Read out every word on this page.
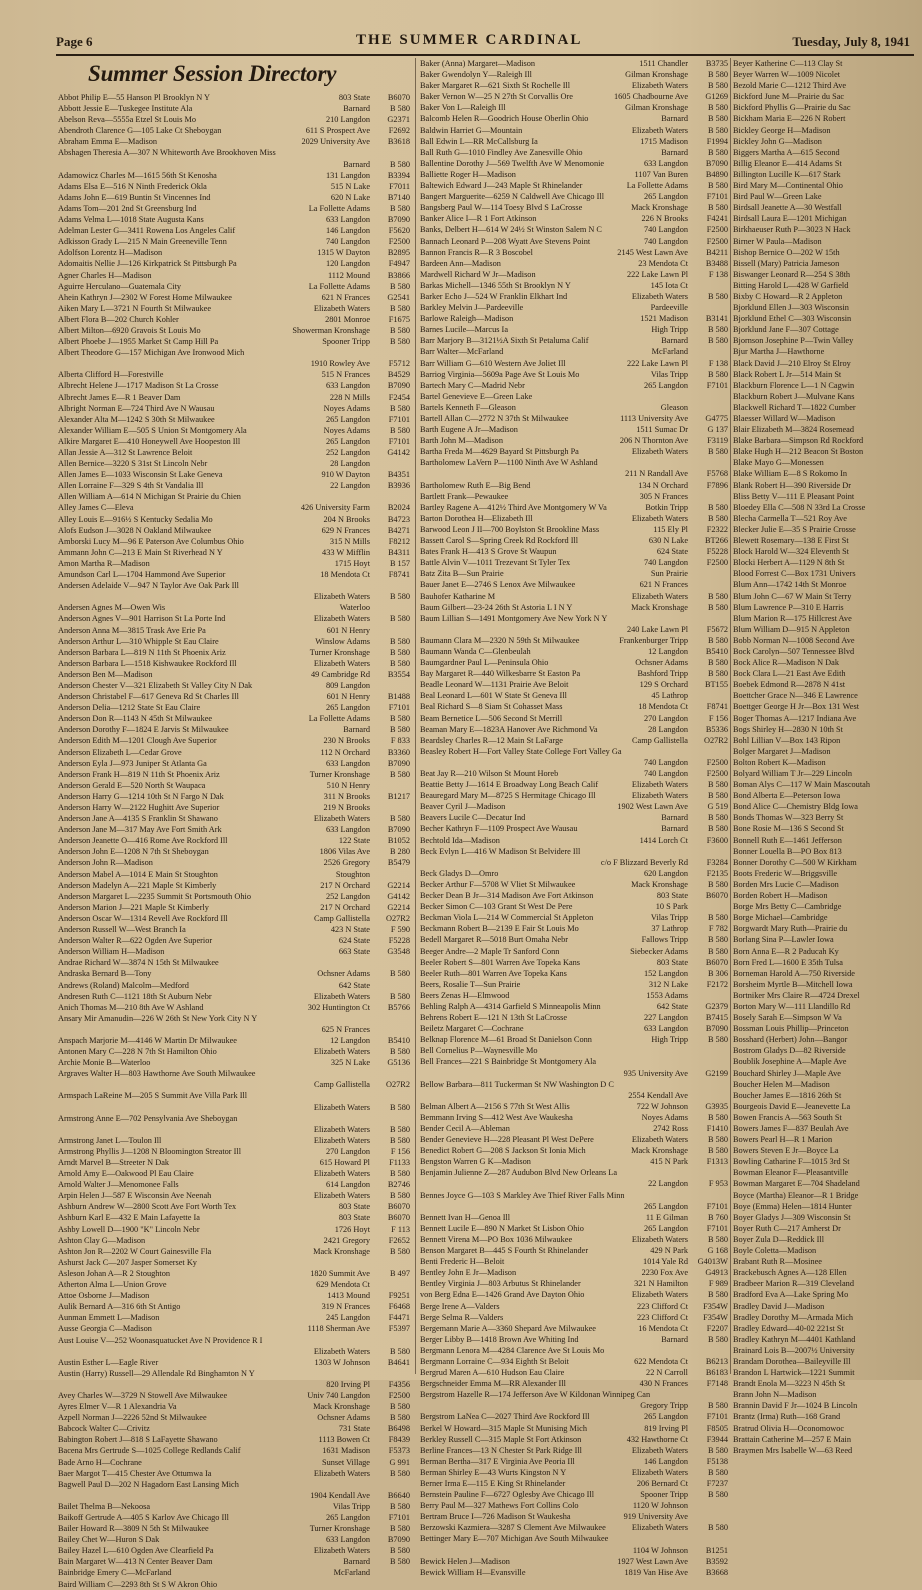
Page 6	THE SUMMER CARDINAL	Tuesday, July 8, 1941
Summer Session Directory
Abbot Philip E—55 Hanson Pl Brooklyn N Y	803 State	B6070
Abbott Jessie E—Tuskegee Institute Ala	Barnard	B 580
Abelson Reva—5555a Etzel St Louis Mo	210 Langdon	G2371
Abendroth Clarence G—105 Lake Ct Sheboygan	611 S Prospect Ave	F2692
Abraham Emma E—Madison	2029 University Ave	B3618
Abshagen Theresia A—307 N Whiteworth Ave Brookhoven Miss
Barnard	B 580
Adamowicz Charles M—1615 56th St Kenosha	131 Langdon	B3394
Adams Elsa E—516 N Ninth Frederick Okla	515 N Lake	F7011
Adams John E—619 Buntin St Vincennes Ind	620 N Lake	B7140
Adams Tom—201 2nd St Greensburg Ind	La Follette Adams	B 580
Adams Velma L—1018 State Augusta Kans	633 Langdon	B7090
Adelman Lester G—3411 Rowena Los Angeles Calif	146 Langdon	F5620
Adkisson Grady L—215 N Main Greeneville Tenn	740 Langdon	F2500
Adolfson Lorentz H—Madison	1315 W Dayton	B2895
Adomaitis Nellie J—126 Kirkpatrick St Pittsburgh Pa	120 Langdon	F4947
Agner Charles H—Madison	1112 Mound	B3866
Aguirre Herculano—Guatemala City	La Follette Adams	B 580
Ahein Kathryn J—2302 W Forest Home Milwaukee	621 N Frances	G2541
Aiken Mary L—3721 N Fourth St Milwaukee	Elizabeth Waters	B 580
Albert Flora B—202 Church Kohler	2801 Monroe	F1675
Albert Milton—6920 Gravois St Louis Mo	Showerman Kronshage	B 580
Albert Phoebe J—1955 Market St Camp Hill Pa	Spooner Tripp	B 580
Albert Theodore G—157 Michigan Ave Ironwood Mich
1910 Rowley Ave	F5712
Alberta Clifford H—Forestville	515 N Frances	B4529
Albrecht Helene J—1717 Madison St La Crosse	633 Langdon	B7090
Albrecht James E—R 1 Beaver Dam	228 N Mills	F2454
Albright Norman E—724 Third Ave N Wausau	Noyes Adams	B 580
Alexander Alta M—1242 S 30th St Milwaukee	265 Langdon	F7101
Alexander William E—505 S Union St Montgomery Ala	Noyes Adams	B 580
Alkire Margaret E—410 Honeywell Ave Hoopeston Ill	265 Langdon	F7101
Allan Jessie A—312 St Lawrence Beloit	252 Langdon	G4142
Allen Bernice—3220 S 31st St Lincoln Nebr	28 Langdon
Allen James E—1033 Wisconsin St Lake Geneva	910 W Dayton	B4351
Allen Lorraine F—329 S 4th St Vandalia Ill	22 Langdon	B3936
Allen William A—614 N Michigan St Prairie du Chien
Alley James C—Eleva	426 University Farm	B2024
Alley Louis E—916½ S Kentucky Sedalia Mo	204 N Brooks	B4723
Alofs Eudson J—3028 N Oakland Milwaukee	629 N Frances	B4271
Amborski Lucy M—96 E Paterson Ave Columbus Ohio	315 N Mills	F8212
Ammann John C—213 E Main St Riverhead N Y	433 W Mifflin	B4311
Amon Martha R—Madison	1715 Hoyt	B 157
Amundson Carl L—1704 Hammond Ave Superior	18 Mendota Ct	F8741
Andersen Adelaide V—947 N Taylor Ave Oak Park Ill
Elizabeth Waters	B 580
Andersen Agnes M—Owen Wis	Waterloo
Anderson Agnes V—901 Harrison St La Porte Ind	Elizabeth Waters	B 580
Anderson Anna M—3815 Trask Ave Erie Pa	601 N Henry
Anderson Arthur L—310 Whipple St Eau Claire	Winslow Adams	B 580
Anderson Barbara L—819 N 11th St Phoenix Ariz	Turner Kronshage	B 580
Anderson Barbara L—1518 Kishwaukee Rockford Ill	Elizabeth Waters	B 580
Anderson Ben M—Madison	49 Cambridge Rd	B3554
Anderson Chester V—321 Elizabeth St Valley City N Dak	809 Langdon
Anderson Christabel F—617 Geneva Rd St Charles Ill	601 N Henry	B1488
Anderson Delia—1212 State St Eau Claire	265 Langdon	F7101
Anderson Don R—1143 N 45th St Milwaukee	La Follette Adams	B 580
Anderson Dorothy F—1824 E Jarvis St Milwaukee	Barnard	B 580
Anderson Edith M—1201 Clough Ave Superior	230 N Brooks	F 833
Anderson Elizabeth L—Cedar Grove	112 N Orchard	B3360
Anderson Eyla J—973 Juniper St Atlanta Ga	633 Langdon	B7090
Anderson Frank H—819 N 11th St Phoenix Ariz	Turner Kronshage	B 580
Anderson Gerald E—520 North St Waupaca	510 N Henry
Anderson Harry G—1214 10th St N Fargo N Dak	311 N Brooks	B1217
Anderson Harry W—2122 Hughitt Ave Superior	219 N Brooks
Anderson Jane A—4135 S Franklin St Shawano	Elizabeth Waters	B 580
Anderson Jane M—317 May Ave Fort Smith Ark	633 Langdon	B7090
Anderson Jeanette O—416 Rome Ave Rockford Ill	122 State	B1052
Anderson John E—1208 N 7th St Sheboygan	1806 Vilas Ave	B 280
Anderson John R—Madison	2526 Gregory	B5479
Anderson Mabel A—1014 E Main St Stoughton	Stoughton
Anderson Madelyn A—221 Maple St Kimberly	217 N Orchard	G2214
Anderson Margaret L—2235 Summit St Portsmouth Ohio	252 Langdon	G4142
Anderson Marion J—221 Maple St Kimberly	217 N Orchard	G2214
Anderson Oscar W—1314 Revell Ave Rockford Ill	Camp Gallistella	O27R2
Anderson Russell W—West Branch Ia	423 N State	F 590
Anderson Walter R—622 Ogden Ave Superior	624 State	F5228
Anderson William H—Madison	663 State	G3548
Andrae Richard W—3874 N 15th St Milwaukee
Andraska Bernard B—Tony	Ochsner Adams	B 580
Andrews (Roland) Malcolm—Medford	642 State
Andresen Ruth C—1121 18th St Auburn Nebr	Elizabeth Waters	B 580
Anich Thomas M—210 8th Ave W Ashland	302 Huntington Ct	B5766
Ansary Mir Amanudin—226 W 26th St New York City N Y
625 N Frances
Anspach Marjorie M—4146 W Martin Dr Milwaukee	12 Langdon	B5410
Antonen Mary C—228 N 7th St Hamilton Ohio	Elizabeth Waters	B 580
Archie Monie B—Waterloo	325 N Lake	G5136
Argraves Walter H—803 Hawthorne Ave South Milwaukee
Camp Gallistella	O27R2
Armspach LaReine M—205 S Summit Ave Villa Park Ill
Elizabeth Waters	B 580
Armstrong Anne E—702 Pensylvania Ave Sheboygan
Elizabeth Waters	B 580
Armstrong Janet L—Toulon Ill	Elizabeth Waters	B 580
Armstrong Phyllis J—1208 N Bloomington Streator Ill	270 Langdon	F 156
Arndt Marvel B—Streeter N Dak	615 Howard Pl	F1133
Arnold Amy E—Oakwood Pl Eau Claire	Elizabeth Waters	B 580
Arnold Walter J—Menomonee Falls	614 Langdon	B2746
Arpin Helen J—587 E Wisconsin Ave Neenah	Elizabeth Waters	B 580
Ashburn Andrew W—2800 Scott Ave Fort Worth Tex	803 State	B6070
Ashburn Karl E—432 E Main Lafayette Ia	803 State	B6070
Ashby Lowell D—1900 "K" Lincoln Nebr	1726 Hoyt	F 113
Ashton Clay G—Madison	2421 Gregory	F2652
Ashton Jon R—2202 W Court Gainesville Fla	Mack Kronshage	B 580
Ashurst Jack C—207 Jasper Somerset Ky
Asleson Johan A—R 2 Stoughton	1820 Summit Ave	B 497
Atherton Alma L—Union Grove	629 Mendota Ct
Attoe Osborne J—Madison	1413 Mound	F9251
Aulik Bernard A—316 6th St Antigo	319 N Frances	F6468
Aunman Emmett L—Madison	245 Langdon	F4471
Ausse Georgia C—Madison	1118 Sherman Ave	F5397
Aust Louise V—252 Woonasquatucket Ave N Providence R I
Elizabeth Waters	B 580
Austin Esther L—Eagle River	1303 W Johnson	B4641
Austin (Harry) Russell—29 Allendale Rd Binghamton N Y
820 Irving Pl	F4356
Avey Charles W—3729 N Stowell Ave Milwaukee	Univ 740 Langdon	F2500
Ayres Elmer V—R 1 Alexandria Va	Mack Kronshage	B 580
Azpell Norman J—2226 52nd St Milwaukee	Ochsner Adams	B 580
Babcock Walter C—Crivitz	731 State	B6498
Babington Robert J—818 S LaFayette Shawano	1113 Bowen Ct	F8439
Bacena Mrs Gertrude S—1025 College Redlands Calif	1631 Madison	F5373
Bade Arno H—Cochrane	Sunset Village	G 991
Baer Margot T—415 Chester Ave Ottumwa Ia	Elizabeth Waters	B 580
Bagwell Paul D—202 N Hagadorn East Lansing Mich
1904 Kendall Ave	B6640
Bailet Thelma B—Nekoosa	Vilas Tripp	B 580
Baikoff Gertrude A—405 S Karlov Ave Chicago Ill	265 Langdon	F7101
Bailer Howard R—3809 N 5th St Milwaukee	Turner Kronshage	B 580
Bailey Chet W—Huron S Dak	633 Langdon	B7090
Bailey Hazel L—610 Ogden Ave Clearfield Pa	Elizabeth Waters	B 580
Bain Margaret W—413 N Center Beaver Dam	Barnard	B 580
Bainbridge Emery C—McFarland	McFarland
Baird William C—2293 8th St S W Akron Ohio
Baker (Anna) Margaret—Madison	1511 Chandler	B3735
Baker Gwendolyn Y—Raleigh Ill	Gilman Kronshage	B 580
Baker Margaret R—621 Sixth St Rochelle Ill	Elizabeth Waters	B 580
Baker Vernon W—25 N 27th St Corvallis Ore	1605 Chadbourne Ave	G1269
Baker Von L—Raleigh Ill	Gilman Kronshage	B 580
Balcomb Helen R—Goodrich House Oberlin Ohio	Barnard	B 580
Baldwin Harriet G—Mountain	Elizabeth Waters	B 580
Ball Edwin L—RR McCallsburg Ia	1715 Madison	F1994
Ball Ruth G—1010 Findley Ave Zanesville Ohio	Barnard	B 580
Ballentine Dorothy J—569 Twelfth Ave W Menomonie	633 Langdon	B7090
Balliette Roger H—Madison	1107 Van Buren	B4890
Baltewich Edward J—243 Maple St Rhinelander	La Follette Adams	B 580
Bangert Marguerite—6259 N Caldwell Ave Chicago Ill	265 Langdon	F7101
Bangsberg Paul W—114 Toesy Blvd S LaCrosse	Mack Kronshage	B 580
Banker Alice I—R 1 Fort Atkinson	226 N Brooks	F4241
Banks, Delbert H—614 W 24½ St Winston Salem N C	740 Langdon	F2500
Bannach Leonard P—208 Wyatt Ave Stevens Point	740 Langdon	F2500
Bannon Francis R—R 3 Boscobel	2145 West Lawn Ave	B4211
Bardeen Ann—Madison	23 Mendota Ct	B3488
Mardwell Richard W Jr—Madison	222 Lake Lawn Pl	F 138
Barkas Michell—1346 55th St Brooklyn N Y	145 Iota Ct
Barker Echo J—524 W Franklin Elkhart Ind	Elizabeth Waters	B 580
Barkley Melvin J—Pardeeville	Pardeeville
Barlowe Raleigh—Madison	1521 Madison	B3141
Barnes Lucile—Marcus Ia	High Tripp	B 580
Barr Marjory B—3121½A Sixth St Petaluma Calif	Barnard	B 580
Barr Walter—McFarland	McFarland
Barr William G—610 Western Ave Joliet Ill	222 Lake Lawn Pl	F 138
Barriog Virginia—5609a Page Ave St Louis Mo	Vilas Tripp	B 580
Bartech Mary C—Madrid Nebr	265 Langdon	F7101
Bartel Genevieve E—Green Lake
Bartels Kenneth F—Gleason	Gleason
Bartell Allan C—2772 N 37th St Milwaukee	1113 University Ave	G4775
Barth Eugene A Jr—Madison	1511 Sumac Dr	G 137
Barth John M—Madison	206 N Thornton Ave	F3119
Bartha Freda M—4629 Bayard St Pittsburgh Pa	Elizabeth Waters	B 580
Bartholomew LaVern P—1100 Ninth Ave W Ashland
211 N Randall Ave	F5768
Bartholomew Ruth E—Big Bend	134 N Orchard	F7896
Bartlett Frank—Pewaukee	305 N Frances
Bartley Ragene A—412½ Third Ave Montgomery W Va	Botkin Tripp	B 580
Barton Dorothea H—Elizabeth Ill	Elizabeth Waters	B 580
Barwood Leon J II—700 Boylston St Brookline Mass	115 Ely Pl	F2322
Bassett Carol S—Spring Creek Rd Rockford Ill	630 N Lake	BT266
Bates Frank H—413 S Grove St Waupun	624 State	F5228
Battle Alvin V—1011 Trezevant St Tyler Tex	740 Langdon	F2500
Batz Zita B—Sun Prairie	Sun Prairie
Bauer Janet E—2746 S Lenox Ave Milwaukee	621 N Frances
Bauhofer Katharine M	Elizabeth Waters	B 580
Baum Gilbert—23-24 26th St Astoria L I N Y	Mack Kronshage	B 580
Baum Lillian S—1491 Montgomery Ave New York N Y
240 Lake Lawn Pl	F5672
Baumann Clara M—2320 N 59th St Milwaukee	Frankenburger Tripp	B 580
Baumann Wanda C—Glenbeulah	12 Langdon	B5410
Baumgardner Paul L—Peninsula Ohio	Ochsner Adams	B 580
Bay Margaret R—440 Wilkesbarre St Easton Pa	Bashford Tripp	B 580
Beadle Leonard W—1131 Prairie Ave Beloit	129 S Orchard	BT155
Beal Leonard L—601 W State St Geneva Ill	45 Lathrop
Beal Richard S—8 Siam St Cohasset Mass	18 Mendota Ct	F8741
Beam Bernetice L—506 Second St Merrill	270 Langdon	F 156
Beaman Mary E—1823A Hanover Ave Richmond Va	28 Langdon	B5336
Beardsley Charles R—12 Main St LaFarge	Camp Gallistella	O27R2
Beasley Robert H—Fort Valley State College Fort Valley Ga
740 Langdon	F2500
Beat Jay R—210 Wilson St Mount Horeb	740 Langdon	F2500
Beattie Betty J—1614 E Broadway Long Beach Calif	Elizabeth Waters	B 580
Beauregard Mary M—8725 S Hermitage Chicago Ill	Elizabeth Waters	B 580
Beaver Cyril J—Madison	1902 West Lawn Ave	G 519
Beavers Lucile C—Decatur Ind	Barnard	B 580
Becher Kathryn F—1109 Prospect Ave Wausau	Barnard	B 580
Bechtold Ida—Madison	1414 Lorch Ct	F3600
Beck Evlyn L—416 W Madison St Belvidere Ill
c/o F Blizzard Beverly Rd	F3284
Beck Gladys D—Omro	620 Langdon	F2135
Becker Arthur F—5708 W Vliet St Milwaukee	Mack Kronshage	B 580
Becker Dean B Jr—314 Madison Ave Fort Atkinson	803 State	B6070
Becker Simon C—103 Grant St West De Pere	10 S Park
Beckman Viola L—214 W Commercial St Appleton	Vilas Tripp	B 580
Beckmann Robert B—2139 E Fair St Louis Mo	37 Lathrop	F 782
Bedell Margaret R—5018 Burt Omaha Nebr	Fallows Tripp	B 580
Beeger Andre—2 Maple Tr Sanford Conn	Siebecker Adams	B 580
Beeler Robert S—801 Warren Ave Topeka Kans	803 State	B6070
Beeler Ruth—801 Warren Ave Topeka Kans	152 Langdon	B 306
Beers, Rosalie T—Sun Prairie	312 N Lake	F2172
Beers Zenas H—Elmwood	1553 Adams
Behling Ralph A—4314 Garfield S Minneapolis Minn	642 State	G2379
Behrens Robert E—121 N 13th St LaCrosse	227 Langdon	B7415
Beiletz Margaret C—Cochrane	633 Langdon	B7090
Belknap Florence M—61 Broad St Danielson Conn	High Tripp	B 580
Bell Cornelius P—Waynesville Mo
Bell Frances—221 S Bainbridge St Montgomery Ala
935 University Ave	G2199
Bellow Barbara—811 Tuckerman St NW Washington D C
2554 Kendall Ave
Belman Albert A—2156 S 77th St West Allis	722 W Johnson	G3935
Bemmann Irving S—412 West Ave Waukesha	Noyes Adams	B 580
Bender Cecil A—Ableman	2742 Ross	F1410
Bender Genevieve H—228 Pleasant Pl West DePere	Elizabeth Waters	B 580
Benedict Robert G—208 S Jackson St Ionia Mich	Mack Kronshage	B 580
Bengston Warren G K—Madison	415 N Park	F1313
Benjamin Julienne Z—287 Audubon Blvd New Orleans La
22 Langdon	F 953
Bennes Joyce G—103 S Markley Ave Thief River Falls Minn
265 Langdon	F7101
Bennett Ivan H—Genoa Ill	11 E Gilman	B 760
Bennett Lucile E—890 N Market St Lisbon Ohio	265 Langdon	F7101
Bennett Virena M—PO Box 1036 Milwaukee	Elizabeth Waters	B 580
Benson Margaret B—445 S Fourth St Rhinelander	429 N Park	G 168
Benti Frederic H—Beloit	1014 Yale Rd	G4013W
Bentley John E Jr—Madison	2230 Fox Ave	G4913
Bentley Virginia J—803 Arbutus St Rhinelander	321 N Hamilton	F 989
von Berg Edna E—1426 Grand Ave Dayton Ohio	Elizabeth Waters	B 580
Berge Irene A—Valders	223 Clifford Ct	F354W
Berge Selma R—Valders	223 Clifford Ct	F354W
Bergemann Marie A—3360 Shepard Ave Milwaukee	16 Mendota Ct	F2207
Berger Libby B—1418 Brown Ave Whiting Ind	Barnard	B 580
Bergmann Lenora M—4284 Clarence Ave St Louis Mo
Bergmann Lorraine C—934 Eighth St Beloit	622 Mendota Ct	B6213
Bergrud Maren A—610 Hudson Eau Claire	22 N Carroll	B6183
Bergschneider Emma M—RR Alexander Ill	430 N Frances	F7148
Bergstrom Hazelle R—174 Jefferson Ave W Kildonan Winnipeg Can
Gregory Tripp	B 580
Bergstrom LaNea C—2027 Third Ave Rockford Ill	265 Langdon	F7101
Berkel W Howard—315 Maple St Munising Mich	819 Irving Pl	F8505
Berkley Russell C—315 Maple St Fort Atkinson	432 Hawthorne Ct	F3944
Berline Frances—13 N Chester St Park Ridge Ill	Elizabeth Waters	B 580
Berman Bertha—317 E Virginia Ave Peoria Ill	146 Langdon	F5138
Berman Shirley E—43 Wurts Kingston N Y	Elizabeth Waters	B 580
Berner Irma E—115 E King St Rhinelander	206 Bernard Ct	F7237
Bernstein Pauline F—6727 Oglesby Ave Chicago Ill	Spooner Tripp	B 580
Berry Paul M—327 Mathews Fort Collins Colo	1120 W Johnson
Bertram Bruce I—726 Madison St Waukesha	919 University Ave
Berzowski Kazmiera—3287 S Clement Ave Milwaukee	Elizabeth Waters	B 580
Bettinger Mary E—707 Michigan Ave South Milwaukee
1104 W Johnson	B1251
Bewick Helen J—Madison	1927 West Lawn Ave	B3592
Bewick William H—Evansville	1819 Van Hise Ave	B3668
Beyer Katherine C—113 Clay St
Beyer Warren W—1009 Nicolet
Bezold Marie C—1212 Third Ave
Bickford June M—Prairie du Sac
Bickford Phyllis G—Prairie du Sac
Bickham Maria E—226 N Robert
Bickley George H—Madison
Bickley John G—Madison
Biggers Martha A—615 Second
Billig Eleanor E—414 Adams St
Billington Lucille K—617 Stark
Bird Mary M—Continental Ohio
Bird Paul W—Green Lake
Birdsall Jeanette A—30 Westfall
Birdsall Laura E—1201 Michigan
Birkhaeuser Ruth P—3023 N Hack
Birner W Paula—Madison
Bishop Bernice O—202 W 15th
Bissell (Mary) Patricia Jameson
Biswanger Leonard R—254 S 38th
Bitting Harold L—428 W Garfield
Bixby C Howard—R 2 Appleton
Bjorklund Ellen J—303 Wisconsin
Bjorklund Ethel C—303 Wisconsin
Bjorklund Jane F—307 Cottage
Bjornson Josephine P—Twin Valley
Bjur Martha J—Hawthorne
Black David J—210 Elroy St Elroy
Black Robert L Jr—514 Main St
Blackburn Florence L—1 N Cagwin
Blackburn Robert J—Mulvane Kans
Blackwell Richard T—1822 Cumber
Blaesser Willard W—Madison
Blair Elizabeth M—3824 Rosemead
Blake Barbara—Simpson Rd Rockford
Blake Hugh H—212 Beacon St Boston
Blake Mayo G—Monessen
Blake William E—8 S Rokomo In
Blank Robert H—390 Riverside Dr
Bliss Betty V—111 E Pleasant Point
Bloedey Ella C—508 N 33rd La Crosse
Blecha Carmella T—521 Roy Ave
Blecker Julie E—35 S Prairie Crosse
Blewett Rosemary—138 E First St
Block Harold W—324 Eleventh St
Blocki Herbert A—1129 N 8th St
Blood Forrest C—Box 1731 Univers
Blum Ann—1742 14th St Monroe
Blum John C—67 W Main St Terry
Blum Lawrence P—310 E Harris
Blum Marion R—175 Hillcrest Ave
Blum William D—915 N Appleton
Bobb Norman N—1008 Second Ave
Bock Carolyn—507 Tennessee Blvd
Bock Alice R—Madison N Dak
Bock Clara L—21 East Ave Edith
Boebek Edmond R—2878 N 41st
Boettcher Grace N—346 E Lawrence
Boettger George H Jr—Box 131 West
Boger Thomas A—1217 Indiana Ave
Bogs Shirley H—2830 N 10th St
Bohl Lillian V—Box 143 Ripon
Bolger Margaret J—Madison
Bolton Robert K—Madison
Bolyard William T Jr—229 Lincoln
Boman Alys C—117 W Main Mascoutah
Bond Alberta E—Peterson Iowa
Bond Alice C—Chemistry Bldg Iowa
Bonds Thomas W—323 Berry St
Bone Rosie M—136 S Second St
Bonnell Ruth E—1461 Jefferson
Bonner Louella B—PO Box 813
Bonner Dorothy C—500 W Kirkham
Boots Frederic W—Briggsville
Borden Mrs Lucie C—Madison
Borden Robert H—Madison
Borge Mrs Betty C—Cambridge
Borge Michael—Cambridge
Borgwardt Mary Ruth—Prairie du
Borlang Sina P—Lawler Iowa
Born Anna E—R 2 Paducah Ky
Born Fred L—1600 E 35th Tulsa
Borneman Harold A—750 Riverside
Borsheim Myrtle B—Mitchell Iowa
Bortniker Mrs Claire R—4724 Drexel
Borton Mary W—111 Llandillo Rd
Bosely Sarah E—Simpson W Va
Bossman Louis Phillip—Princeton
Bosshard (Herbert) John—Bangor
Bostrom Gladys D—82 Riverside
Boublik Josephine A—Maple Ave
Bouchard Shirley J—Maple Ave
Boucher Helen M—Madison
Boucher James E—1816 26th St
Bourgeois David E—Jeanevette La
Bowen Francis A—563 South St
Bowers James F—837 Beulah Ave
Bowers Pearl H—R 1 Marion
Bowers Steven E Jr—Boyce La
Bowling Catharine F—1015 3rd St
Bowman Eleanor F—Pleasantville
Bowman Margaret E—704 Shadeland
Boyce (Martha) Eleanor—R 1 Bridge
Boye (Emma) Helen—1814 Hunter
Boyer Gladys J—309 Wisconsin St
Boyer Ruth C—217 Amherst Dr
Boyer Zula D—Reddick Ill
Boyle Coletta—Madison
Brabant Ruth R—Mosinee
Brackebusch Agnes A—128 Ellen
Bradbeer Marion R—319 Cleveland
Bradford Eva A—Lake Spring Mo
Bradley David J—Madison
Bradley Dorothy M—Armada Mich
Bradley Edward—40-02 221st St
Bradley Kathryn M—4401 Kathland
Brainard Lois B—2007½ University
Brandam Dorothea—Baileyville Ill
Brandon L Hartwick—1221 Summit
Brandt Enola M—3223 N 45th St
Brann John N—Madison
Brannin David F Jr—1024 B Lincoln
Brantz (Irma) Ruth—168 Grand
Bratrud Olivia H—Oconomowoc
Brattain Catherine M—257 E Main
Braymen Mrs Isabelle W—63 Reed
